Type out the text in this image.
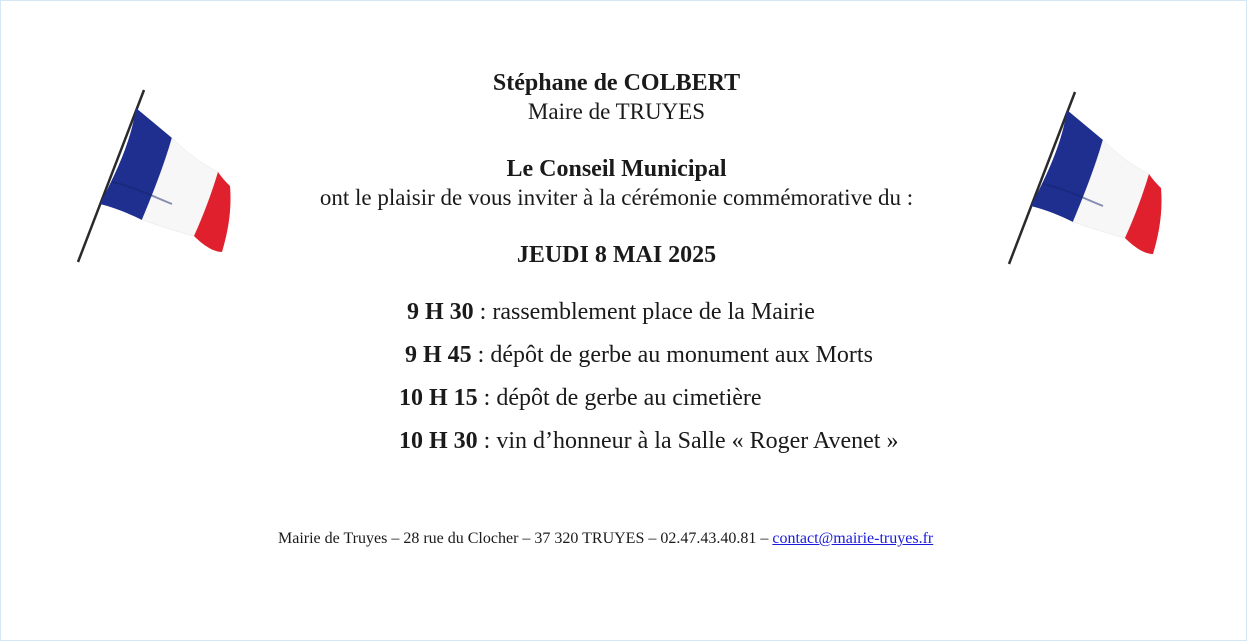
Stéphane de COLBERT
Maire de TRUYES
Le Conseil Municipal
ont le plaisir de vous inviter à la cérémonie commémorative du :
JEUDI 8 MAI 2025
9 H 30 : rassemblement place de la Mairie
9 H 45 : dépôt de gerbe au monument aux Morts
10 H 15 : dépôt de gerbe au cimetière
10 H 30 : vin d’honneur à la Salle « Roger Avenet »
Mairie de Truyes – 28 rue du Clocher – 37 320 TRUYES – 02.47.43.40.81 – contact@mairie-truyes.fr
